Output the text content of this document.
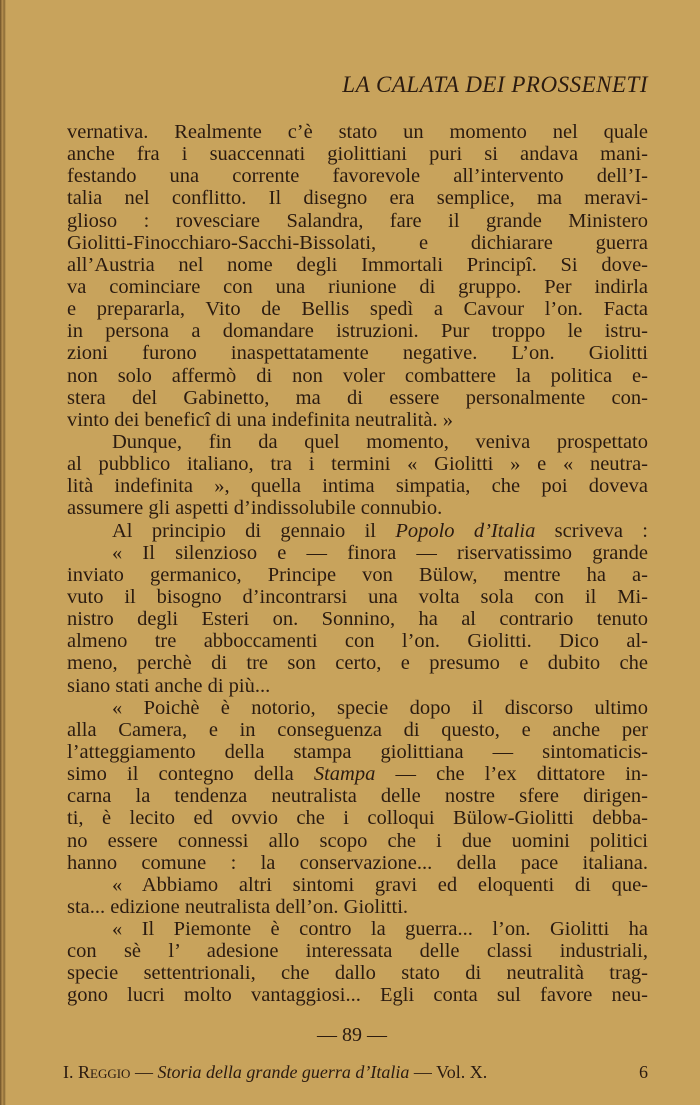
LA CALATA DEI PROSSENETI
vernativa. Realmente c’è stato un momento nel quale
anche fra i suaccennati giolittiani puri si andava mani-
festando una corrente favorevole all’intervento dell’I-
talia nel conflitto. Il disegno era semplice, ma meravi-
glioso : rovesciare Salandra, fare il grande Ministero
Giolitti-Finocchiaro-Sacchi-Bissolati, e dichiarare guerra
all’Austria nel nome degli Immortali Principî. Si dove-
va cominciare con una riunione di gruppo. Per indirla
e prepararla, Vito de Bellis spedì a Cavour l’on. Facta
in persona a domandare istruzioni. Pur troppo le istru-
zioni furono inaspettatamente negative. L’on. Giolitti
non solo affermò di non voler combattere la politica e-
stera del Gabinetto, ma di essere personalmente con-
vinto dei beneficî di una indefinita neutralità. »
Dunque, fin da quel momento, veniva prospettato
al pubblico italiano, tra i termini « Giolitti » e « neutra-
lità indefinita », quella intima simpatia, che poi doveva
assumere gli aspetti d’indissolubile connubio.
Al principio di gennaio il Popolo d’Italia scriveva :
« Il silenzioso e — finora — riservatissimo grande
inviato germanico, Principe von Bülow, mentre ha a-
vuto il bisogno d’incontrarsi una volta sola con il Mi-
nistro degli Esteri on. Sonnino, ha al contrario tenuto
almeno tre abboccamenti con l’on. Giolitti. Dico al-
meno, perchè di tre son certo, e presumo e dubito che
siano stati anche di più...
« Poichè è notorio, specie dopo il discorso ultimo
alla Camera, e in conseguenza di questo, e anche per
l’atteggiamento della stampa giolittiana — sintomaticis-
simo il contegno della Stampa — che l’ex dittatore in-
carna la tendenza neutralista delle nostre sfere dirigen-
ti, è lecito ed ovvio che i colloqui Bülow-Giolitti debba-
no essere connessi allo scopo che i due uomini politici
hanno comune : la conservazione... della pace italiana.
« Abbiamo altri sintomi gravi ed eloquenti di que-
sta... edizione neutralista dell’on. Giolitti.
« Il Piemonte è contro la guerra... l’on. Giolitti ha
con sè l’ adesione interessata delle classi industriali,
specie settentrionali, che dallo stato di neutralità trag-
gono lucri molto vantaggiosi... Egli conta sul favore neu-
— 89 —
I. Reggio — Storia della grande guerra d’Italia — Vol. X.	6
